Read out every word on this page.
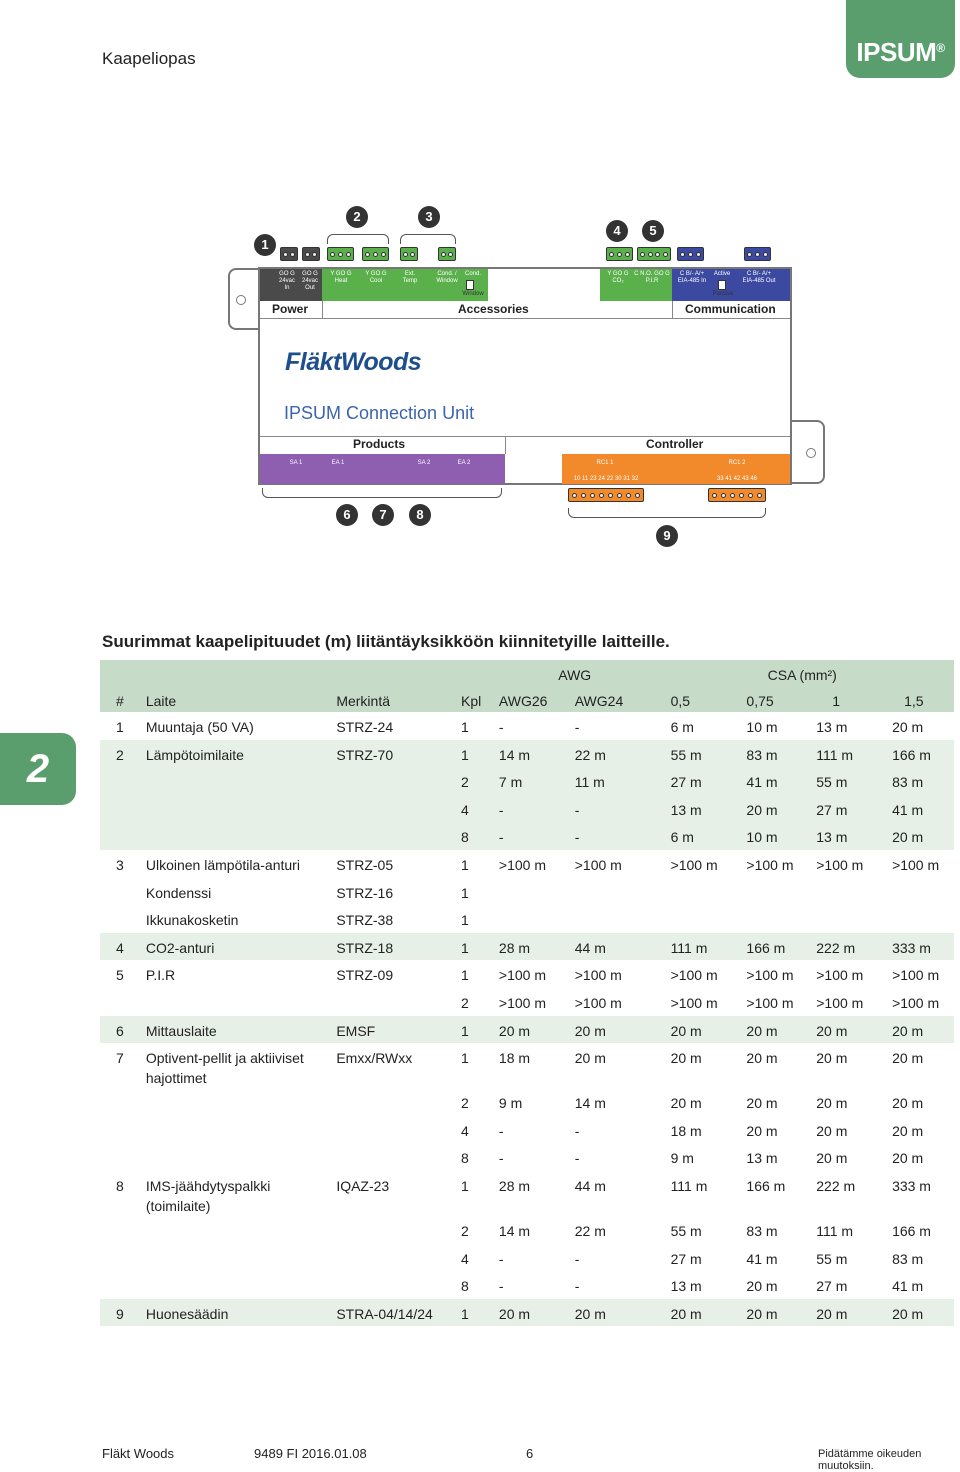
Kaapeliopas	IPSUM®
2
GO G
24vac
In
GO G
24vac
Out
Y GO G
Heat
Y GO G
Cool
Ext.
Temp
Cond. /
Window
Cond.
Window
Y GO G
CO₂
C N.O. GO G
P.I.R
C B/- A/+
EIA-485 In
Active
Passive
C B/- A/+
EIA-485 Out
Power	Accessories	Communication
FläktWoods
IPSUM Connection Unit
Products	Controller
SA 1	EA 1	SA 2	EA 2	RC1 1	RC1 2
10 11 23 24 22 30 31 32	33 41 42 43 46
1
2	3
4	5
6	7	8
9
Suurimmat kaapelipituudet (m) liitäntäyksikköön kiinnitetyille laitteille.
				AWG			CSA (mm²)		
#	Laite	Merkintä	Kpl	AWG26	AWG24	0,5	0,75	1	1,5
1	Muuntaja (50 VA)	STRZ-24	1	-	-	6 m	10 m	13 m	20 m
2	Lämpötoimilaite	STRZ-70	1	14 m	22 m	55 m	83 m	111 m	166 m
			2	7 m	11 m	27 m	41 m	55 m	83 m
			4	-	-	13 m	20 m	27 m	41 m
			8	-	-	6 m	10 m	13 m	20 m
3	Ulkoinen lämpötila-anturi	STRZ-05	1	>100 m	>100 m	>100 m	>100 m	>100 m	>100 m
	Kondenssi	STRZ-16	1						
	Ikkunakosketin	STRZ-38	1						
4	CO2-anturi	STRZ-18	1	28 m	44 m	111 m	166 m	222 m	333 m
5	P.I.R	STRZ-09	1	>100 m	>100 m	>100 m	>100 m	>100 m	>100 m
			2	>100 m	>100 m	>100 m	>100 m	>100 m	>100 m
6	Mittauslaite	EMSF	1	20 m	20 m	20 m	20 m	20 m	20 m
7	Optivent-pellit ja aktiiviset hajottimet	Emxx/RWxx	1	18 m	20 m	20 m	20 m	20 m	20 m
			2	9 m	14 m	20 m	20 m	20 m	20 m
			4	-	-	18 m	20 m	20 m	20 m
			8	-	-	9 m	13 m	20 m	20 m
8	IMS-jäähdytyspalkki (toimilaite)	IQAZ-23	1	28 m	44 m	111 m	166 m	222 m	333 m
			2	14 m	22 m	55 m	83 m	111 m	166 m
			4	-	-	27 m	41 m	55 m	83 m
			8	-	-	13 m	20 m	27 m	41 m
9	Huonesäädin	STRA-04/14/24	1	20 m	20 m	20 m	20 m	20 m	20 m
Fläkt Woods	9489 FI 2016.01.08	6	Pidätämme oikeuden muutoksiin.
